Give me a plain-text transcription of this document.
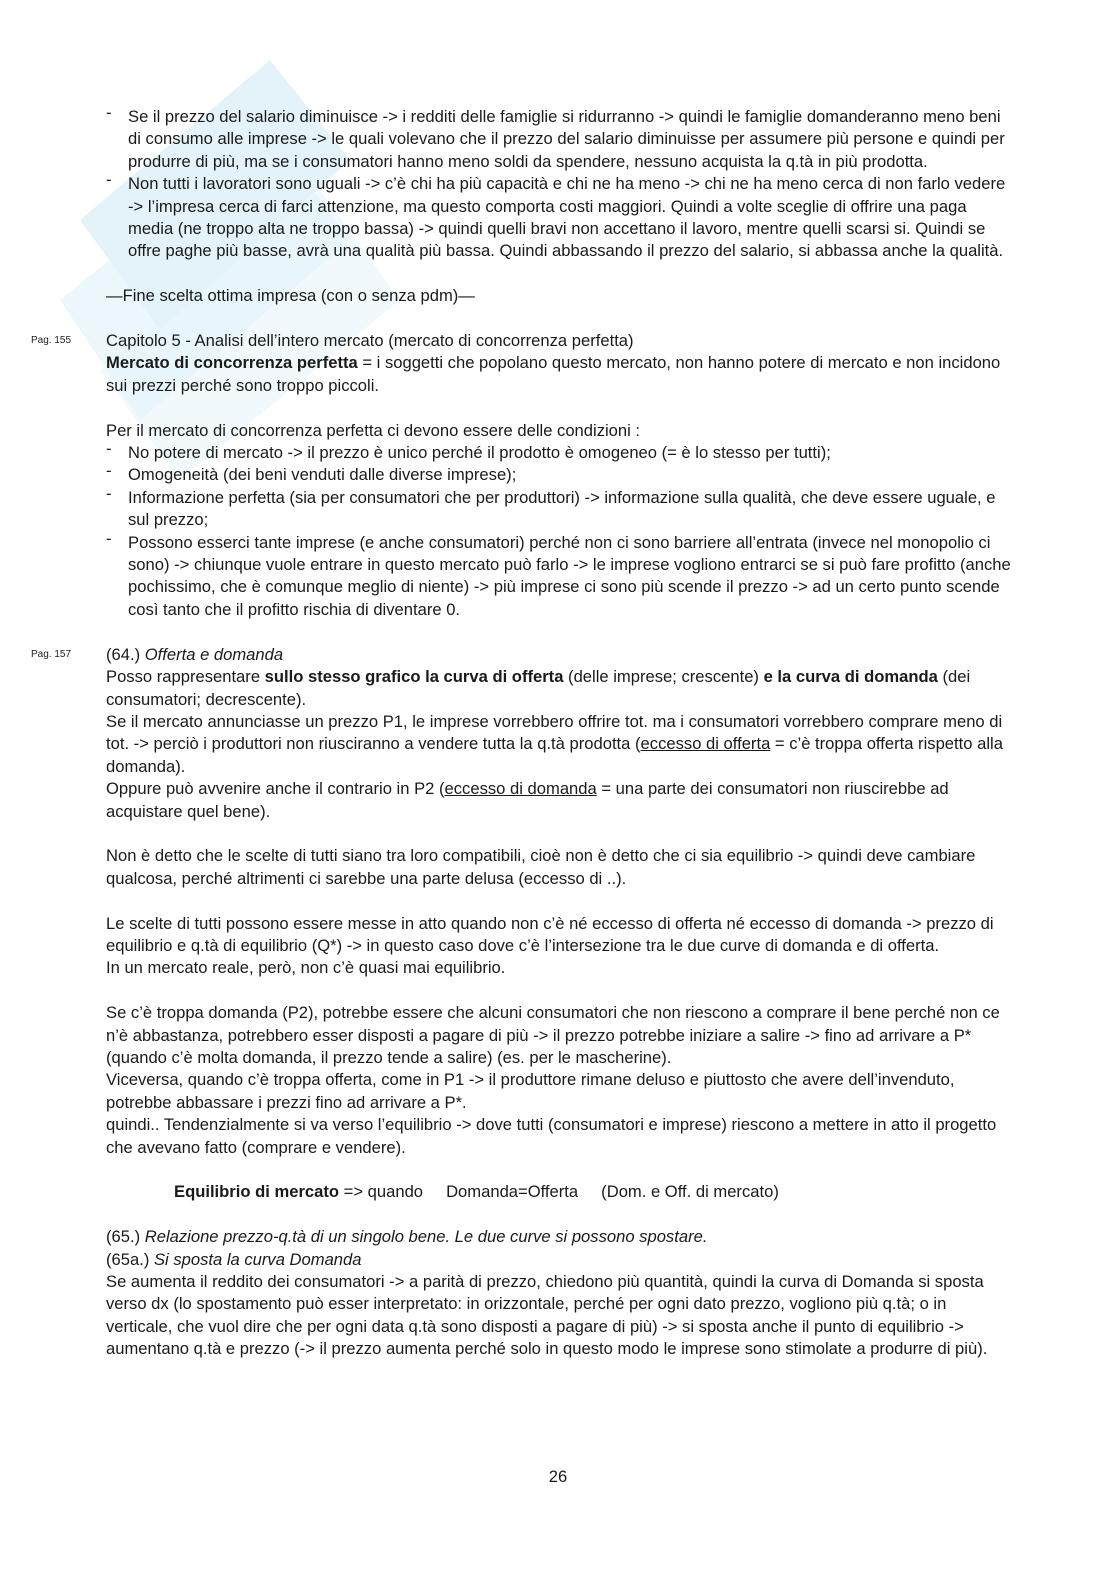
- Se il prezzo del salario diminuisce -> i redditi delle famiglie si ridurranno -> quindi le famiglie domanderanno meno beni di consumo alle imprese -> le quali volevano che il prezzo del salario diminuisse per assumere più persone e quindi per produrre di più, ma se i consumatori hanno meno soldi da spendere, nessuno acquista la q.tà in più prodotta.
- Non tutti i lavoratori sono uguali -> c’è chi ha più capacità e chi ne ha meno -> chi ne ha meno cerca di non farlo vedere -> l’impresa cerca di farci attenzione, ma questo comporta costi maggiori. Quindi a volte sceglie di offrire una paga media (ne troppo alta ne troppo bassa) -> quindi quelli bravi non accettano il lavoro, mentre quelli scarsi si. Quindi se offre paghe più basse, avrà una qualità più bassa. Quindi abbassando il prezzo del salario, si abbassa anche la qualità.

—Fine scelta ottima impresa (con o senza pdm)—

Pag. 155 Capitolo 5 - Analisi dell’intero mercato (mercato di concorrenza perfetta)

Mercato di concorrenza perfetta = i soggetti che popolano questo mercato, non hanno potere di mercato e non incidono sui prezzi perché sono troppo piccoli.

Per il mercato di concorrenza perfetta ci devono essere delle condizioni :

- No potere di mercato -> il prezzo è unico perché il prodotto è omogeneo (= è lo stesso per tutti);
- Omogeneità (dei beni venduti dalle diverse imprese);
- Informazione perfetta (sia per consumatori che per produttori) -> informazione sulla qualità, che deve essere uguale, e sul prezzo;
- Possono esserci tante imprese (e anche consumatori) perché non ci sono barriere all’entrata (invece nel monopolio ci sono) -> chiunque vuole entrare in questo mercato può farlo -> le imprese vogliono entrarci se si può fare profitto (anche pochissimo, che è comunque meglio di niente) -> più imprese ci sono più scende il prezzo -> ad un certo punto scende così tanto che il profitto rischia di diventare 0.
Pag. 157 (64.) Offerta e domanda

Posso rappresentare sullo stesso grafico la curva di offerta (delle imprese; crescente) e la curva di domanda (dei consumatori; decrescente).

Se il mercato annunciasse un prezzo P1, le imprese vorrebbero offrire tot. ma i consumatori vorrebbero comprare meno di tot. -> perciò i produttori non riusciranno a vendere tutta la q.tà prodotta (eccesso di offerta = c’è troppa offerta rispetto alla domanda).

Oppure può avvenire anche il contrario in P2 (eccesso di domanda = una parte dei consumatori non riuscirebbe ad acquistare quel bene).

Non è detto che le scelte di tutti siano tra loro compatibili, cioè non è detto che ci sia equilibrio -> quindi deve cambiare qualcosa, perché altrimenti ci sarebbe una parte delusa (eccesso di ..).

Le scelte di tutti possono essere messe in atto quando non c’è né eccesso di offerta né eccesso di domanda -> prezzo di equilibrio e q.tà di equilibrio (Q*) -> in questo caso dove c’è l’intersezione tra le due curve di domanda e di offerta.

In un mercato reale, però, non c’è quasi mai equilibrio.

Se c’è troppa domanda (P2), potrebbe essere che alcuni consumatori che non riescono a comprare il bene perché non ce n’è abbastanza, potrebbero esser disposti a pagare di più -> il prezzo potrebbe iniziare a salire -> fino ad arrivare a P* (quando c’è molta domanda, il prezzo tende a salire) (es. per le mascherine).

Viceversa, quando c’è troppa offerta, come in P1 -> il produttore rimane deluso e piuttosto che avere dell’invenduto, potrebbe abbassare i prezzi fino ad arrivare a P*.

quindi.. Tendenzialmente si va verso l’equilibrio -> dove tutti (consumatori e imprese) riescono a mettere in atto il progetto che avevano fatto (comprare e vendere).

Equilibrio di mercato => quando     Domanda=Offerta     (Dom. e Off. di mercato)

(65.) Relazione prezzo-q.tà di un singolo bene. Le due curve si possono spostare.

(65a.) Si sposta la curva Domanda

Se aumenta il reddito dei consumatori -> a parità di prezzo, chiedono più quantità, quindi la curva di Domanda si sposta verso dx (lo spostamento può esser interpretato: in orizzontale, perché per ogni dato prezzo, vogliono più q.tà; o in verticale, che vuol dire che per ogni data q.tà sono disposti a pagare di più) -> si sposta anche il punto di equilibrio -> aumentano q.tà e prezzo (-> il prezzo aumenta perché solo in questo modo le imprese sono stimolate a produrre di più).

26
